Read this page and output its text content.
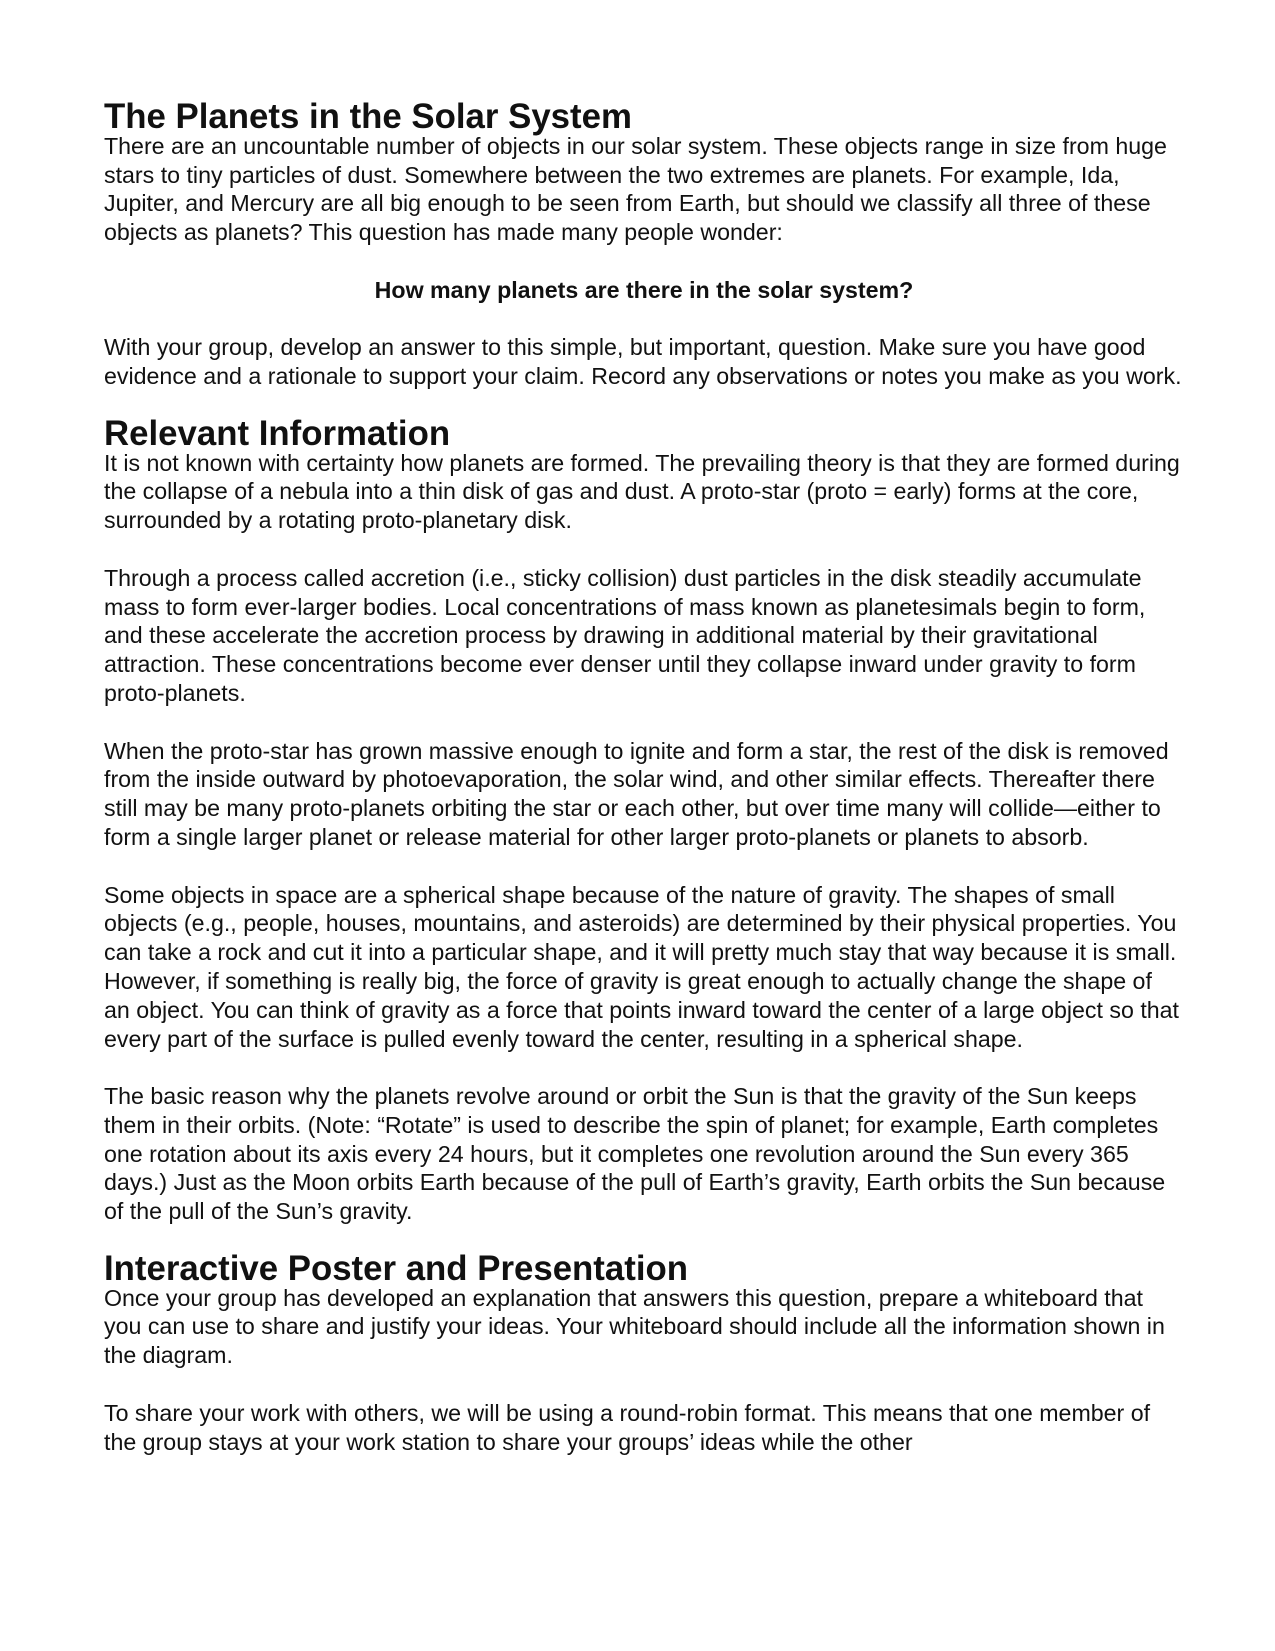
The Planets in the Solar System

There are an uncountable number of objects in our solar system. These objects range in size from huge stars to tiny particles of dust. Somewhere between the two extremes are planets. For example, Ida, Jupiter, and Mercury are all big enough to be seen from Earth, but should we classify all three of these objects as planets? This question has made many people wonder:

How many planets are there in the solar system?

With your group, develop an answer to this simple, but important, question. Make sure you have good evidence and a rationale to support your claim. Record any observations or notes you make as you work.

Relevant Information

It is not known with certainty how planets are formed. The prevailing theory is that they are formed during the collapse of a nebula into a thin disk of gas and dust. A proto-star (proto = early) forms at the core, surrounded by a rotating proto-planetary disk.

Through a process called accretion (i.e., sticky collision) dust particles in the disk steadily accumulate mass to form ever-larger bodies. Local concentrations of mass known as planetesimals begin to form, and these accelerate the accretion process by drawing in additional material by their gravitational attraction. These concentrations become ever denser until they collapse inward under gravity to form proto-planets.

When the proto-star has grown massive enough to ignite and form a star, the rest of the disk is removed from the inside outward by photoevaporation, the solar wind, and other similar effects. Thereafter there still may be many proto-planets orbiting the star or each other, but over time many will collide—either to form a single larger planet or release material for other larger proto-planets or planets to absorb.

Some objects in space are a spherical shape because of the nature of gravity. The shapes of small objects (e.g., people, houses, mountains, and asteroids) are determined by their physical properties. You can take a rock and cut it into a particular shape, and it will pretty much stay that way because it is small. However, if something is really big, the force of gravity is great enough to actually change the shape of an object. You can think of gravity as a force that points inward toward the center of a large object so that every part of the surface is pulled evenly toward the center, resulting in a spherical shape.

The basic reason why the planets revolve around or orbit the Sun is that the gravity of the Sun keeps them in their orbits. (Note: “Rotate” is used to describe the spin of planet; for example, Earth completes one rotation about its axis every 24 hours, but it completes one revolution around the Sun every 365 days.) Just as the Moon orbits Earth because of the pull of Earth’s gravity, Earth orbits the Sun because of the pull of the Sun’s gravity.

Interactive Poster and Presentation

Once your group has developed an explanation that answers this question, prepare a whiteboard that you can use to share and justify your ideas. Your whiteboard should include all the information shown in the diagram.

To share your work with others, we will be using a round-robin format. This means that one member of the group stays at your work station to share your groups’ ideas while the other
